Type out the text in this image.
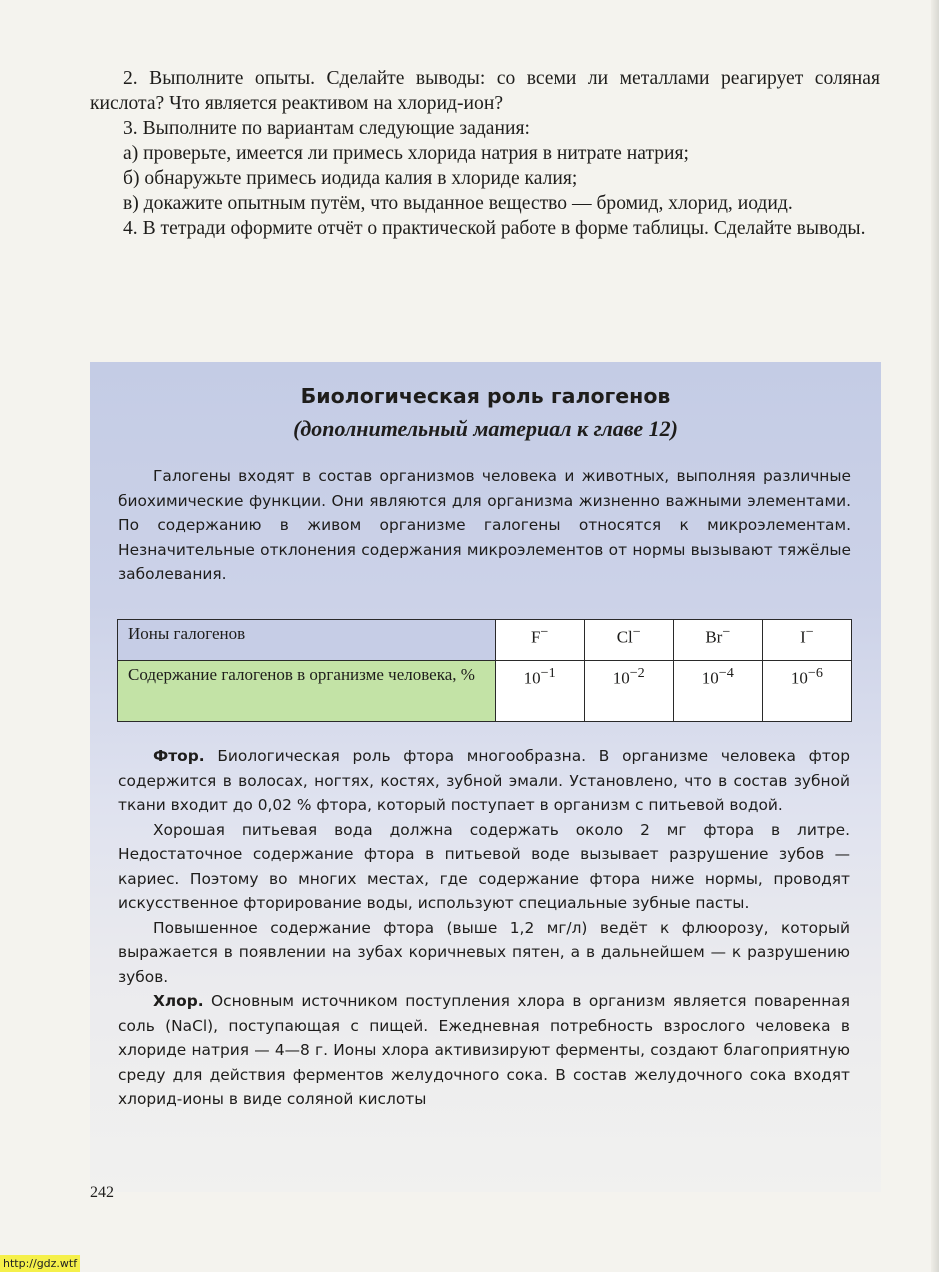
2. Выполните опыты. Сделайте выводы: со всеми ли металлами реагирует соляная кислота? Что является реактивом на хлорид-ион?

3. Выполните по вариантам следующие задания:

а) проверьте, имеется ли примесь хлорида натрия в нитрате натрия;

б) обнаружьте примесь иодида калия в хлориде калия;

в) докажите опытным путём, что выданное вещество — бромид, хлорид, иодид.

4. В тетради оформите отчёт о практической работе в форме таблицы. Сделайте выводы.

Биологическая роль галогенов
(дополнительный материал к главе 12)

Галогены входят в состав организмов человека и животных, выполняя различные биохимические функции. Они являются для организма жизненно важными элементами. По содержанию в живом организме галогены относятся к микроэлементам. Незначительные отклонения содержания микроэлементов от нормы вызывают тяжёлые заболевания.

Ионы галогенов	F−	Cl−	Br−	I−
Содержание галогенов в организме человека, %	$10^{-1}$	$10^{-2}$	$10^{-4}$	$10^{-6}$

Фтор. Биологическая роль фтора многообразна. В организме человека фтор содержится в волосах, ногтях, костях, зубной эмали. Установлено, что в состав зубной ткани входит до 0,02 % фтора, который поступает в организм с питьевой водой.

Хорошая питьевая вода должна содержать около 2 мг фтора в литре. Недостаточное содержание фтора в питьевой воде вызывает разрушение зубов — кариес. Поэтому во многих местах, где содержание фтора ниже нормы, проводят искусственное фторирование воды, используют специальные зубные пасты.

Повышенное содержание фтора (выше 1,2 мг/л) ведёт к флюорозу, который выражается в появлении на зубах коричневых пятен, а в дальнейшем — к разрушению зубов.

Хлор. Основным источником поступления хлора в организм является поваренная соль (NaCl), поступающая с пищей. Ежедневная потребность взрослого человека в хлориде натрия — 4—8 г. Ионы хлора активизируют ферменты, создают благоприятную среду для действия ферментов желудочного сока. В состав желудочного сока входят хлорид-ионы в виде соляной кислоты

242
http://gdz.wtf
